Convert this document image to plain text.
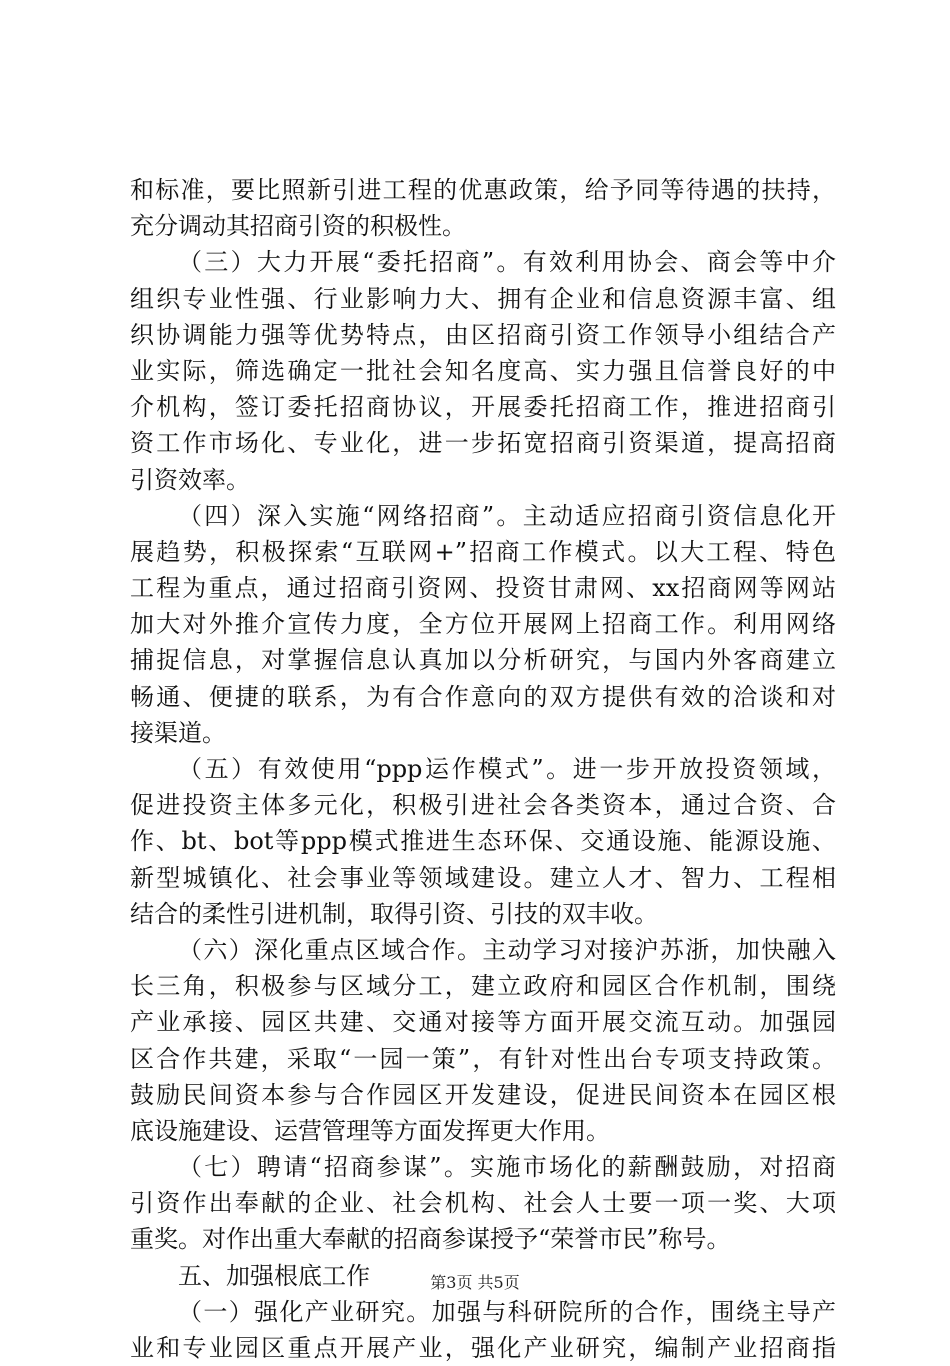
和标准，要比照新引进工程的优惠政策，给予同等待遇的扶持，
充分调动其招商引资的积极性。
（三）大力开展“委托招商”。有效利用协会、商会等中介
组织专业性强、行业影响力大、拥有企业和信息资源丰富、组
织协调能力强等优势特点，由区招商引资工作领导小组结合产
业实际，筛选确定一批社会知名度高、实力强且信誉良好的中
介机构，签订委托招商协议，开展委托招商工作，推进招商引
资工作市场化、专业化，进一步拓宽招商引资渠道，提高招商
引资效率。
（四）深入实施“网络招商”。主动适应招商引资信息化开
展趋势，积极探索“互联网+”招商工作模式。以大工程、特色
工程为重点，通过招商引资网、投资甘肃网、xx招商网等网站
加大对外推介宣传力度，全方位开展网上招商工作。利用网络
捕捉信息，对掌握信息认真加以分析研究，与国内外客商建立
畅通、便捷的联系，为有合作意向的双方提供有效的洽谈和对
接渠道。
（五）有效使用“ppp运作模式”。进一步开放投资领域，
促进投资主体多元化，积极引进社会各类资本，通过合资、合
作、bt、bot等ppp模式推进生态环保、交通设施、能源设施、
新型城镇化、社会事业等领域建设。建立人才、智力、工程相
结合的柔性引进机制，取得引资、引技的双丰收。
（六）深化重点区域合作。主动学习对接沪苏浙，加快融入
长三角，积极参与区域分工，建立政府和园区合作机制，围绕
产业承接、园区共建、交通对接等方面开展交流互动。加强园
区合作共建，采取“一园一策”，有针对性出台专项支持政策。
鼓励民间资本参与合作园区开发建设，促进民间资本在园区根
底设施建设、运营管理等方面发挥更大作用。
（七）聘请“招商参谋”。实施市场化的薪酬鼓励，对招商
引资作出奉献的企业、社会机构、社会人士要一项一奖、大项
重奖。对作出重大奉献的招商参谋授予“荣誉市民”称号。
五、加强根底工作
（一）强化产业研究。加强与科研院所的合作，围绕主导产
业和专业园区重点开展产业，强化产业研究，编制产业招商指
第3页 共5页
